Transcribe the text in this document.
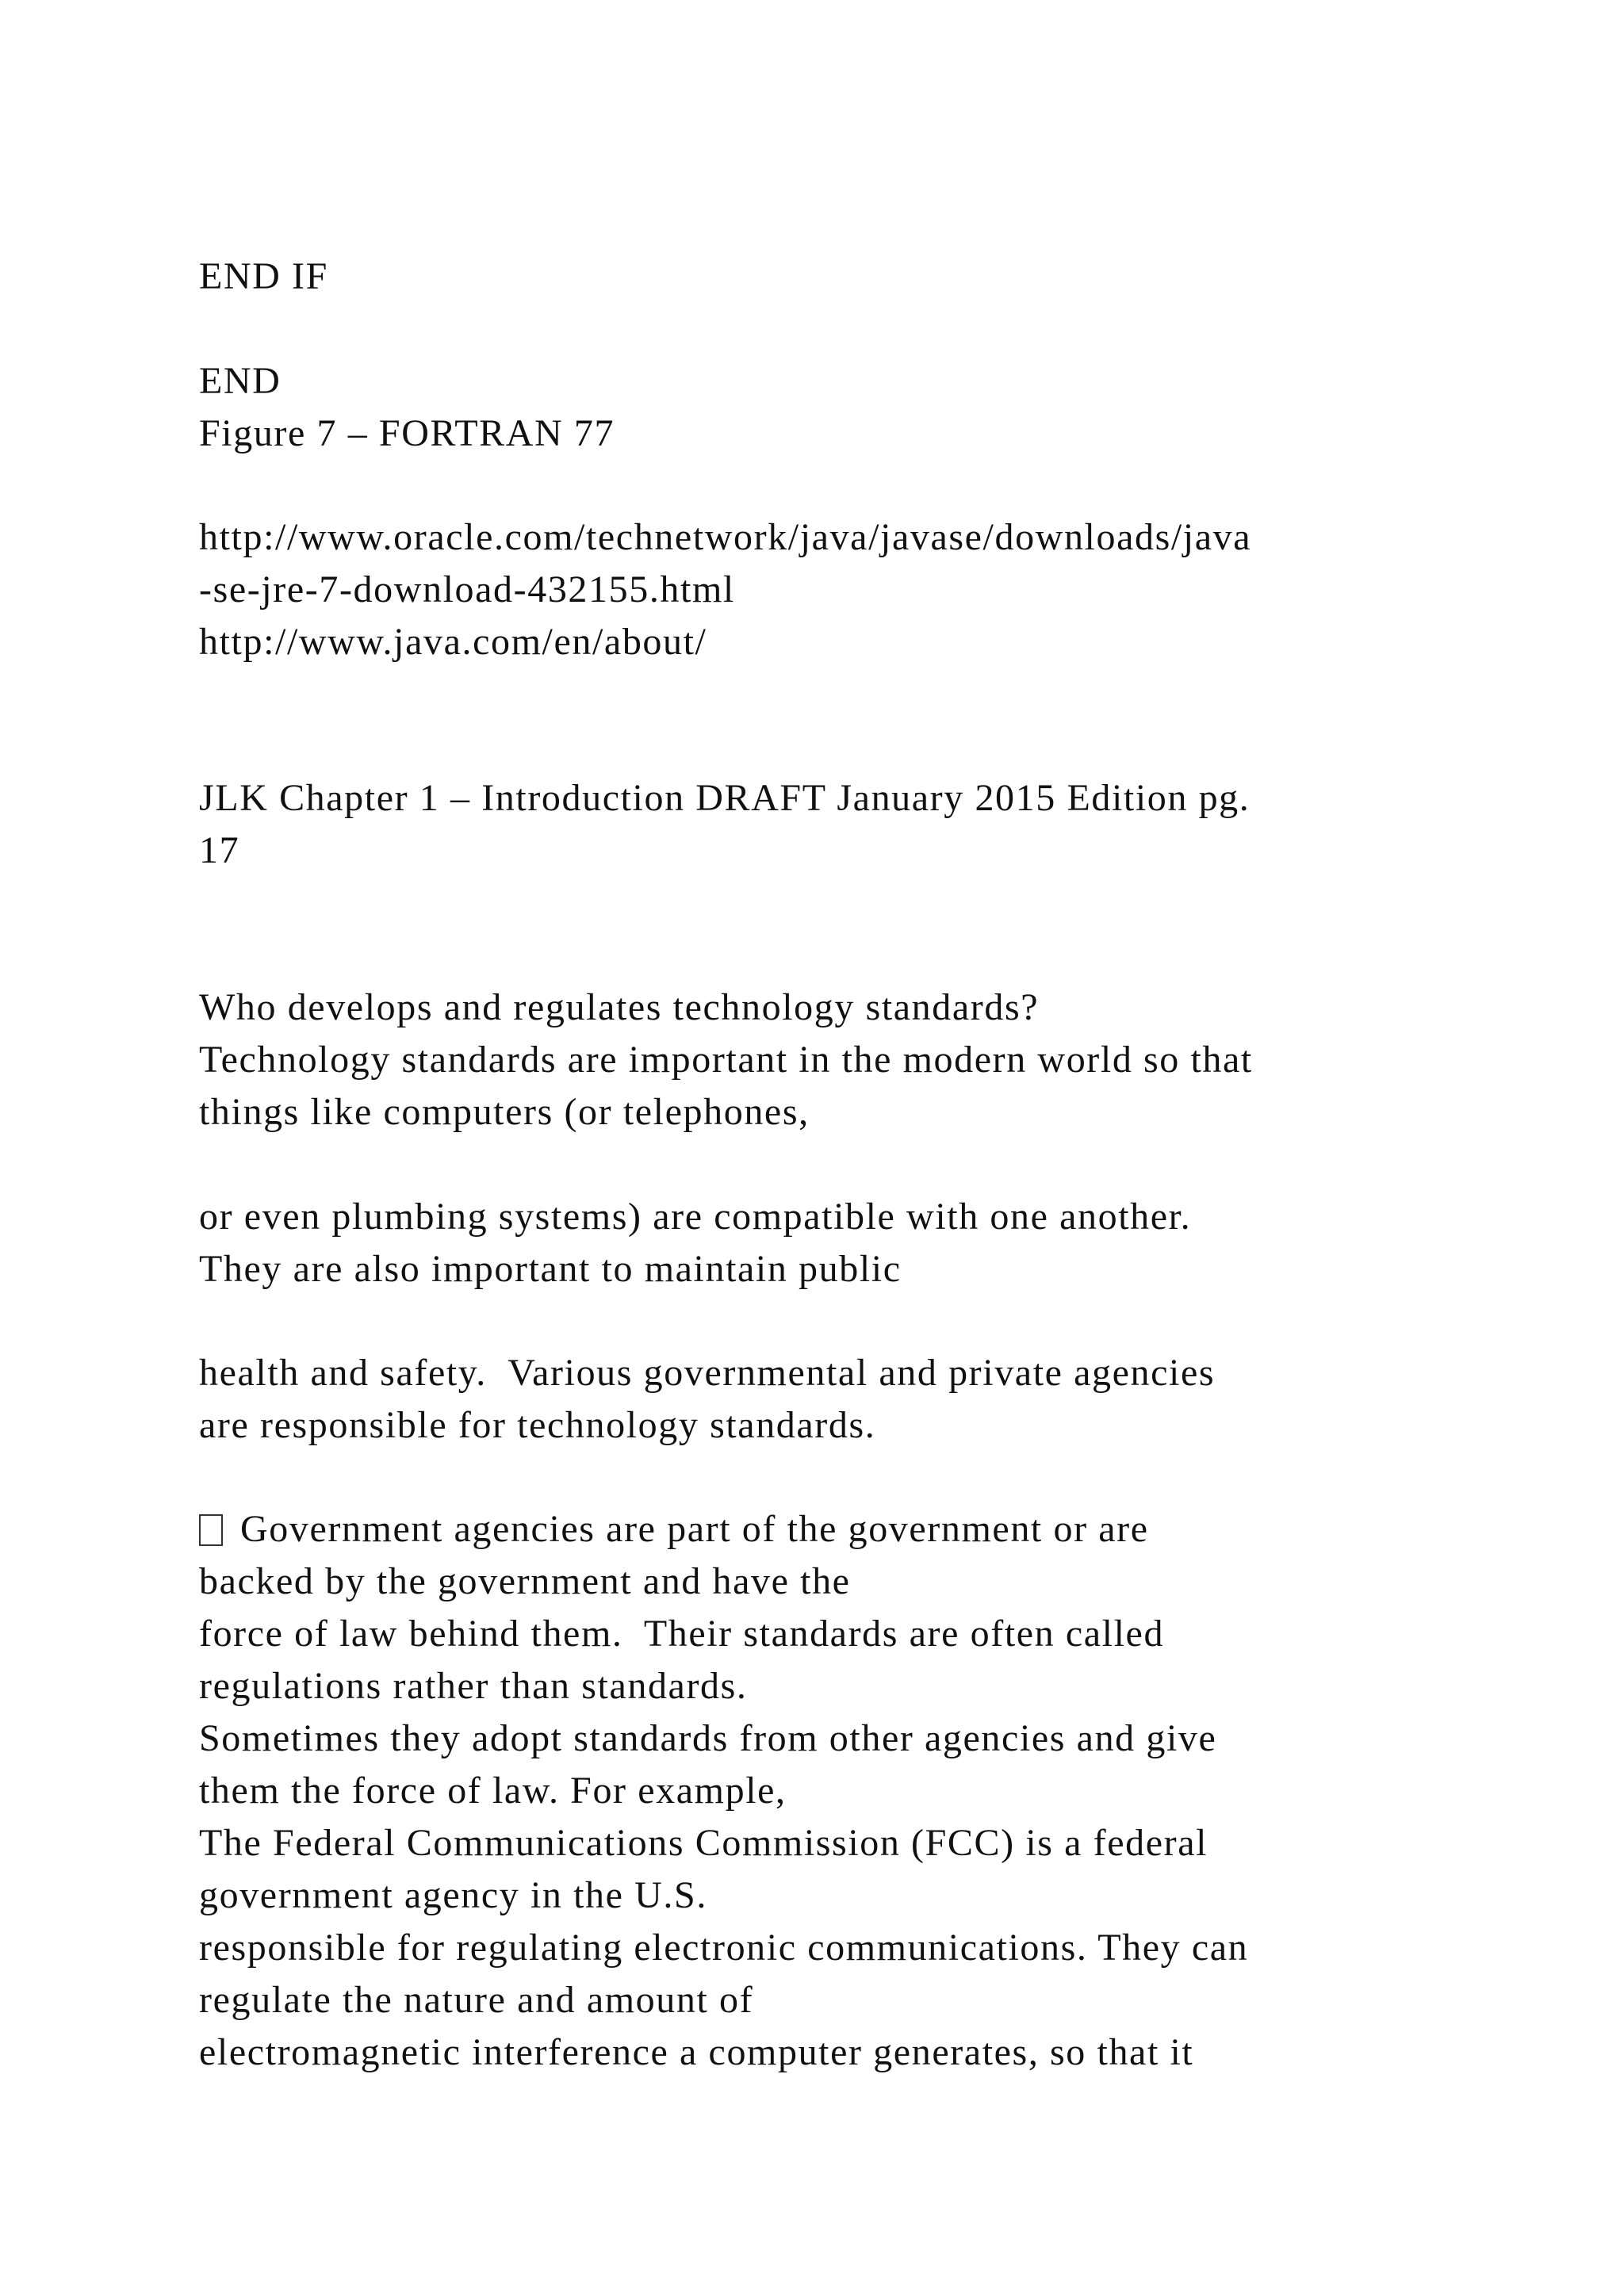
END IF

END

Figure 7 – FORTRAN 77

http://www.oracle.com/technetwork/java/javase/downloads/java

-se-jre-7-download-432155.html

http://www.java.com/en/about/

JLK Chapter 1 – Introduction DRAFT January 2015 Edition pg.

17

Who develops and regulates technology standards?

Technology standards are important in the modern world so that

things like computers (or telephones,

or even plumbing systems) are compatible with one another.

They are also important to maintain public

health and safety.  Various governmental and private agencies

are responsible for technology standards.

Government agencies are part of the government or are

backed by the government and have the

force of law behind them.  Their standards are often called

regulations rather than standards.

Sometimes they adopt standards from other agencies and give

them the force of law. For example,

The Federal Communications Commission (FCC) is a federal

government agency in the U.S.

responsible for regulating electronic communications. They can

regulate the nature and amount of

electromagnetic interference a computer generates, so that it
